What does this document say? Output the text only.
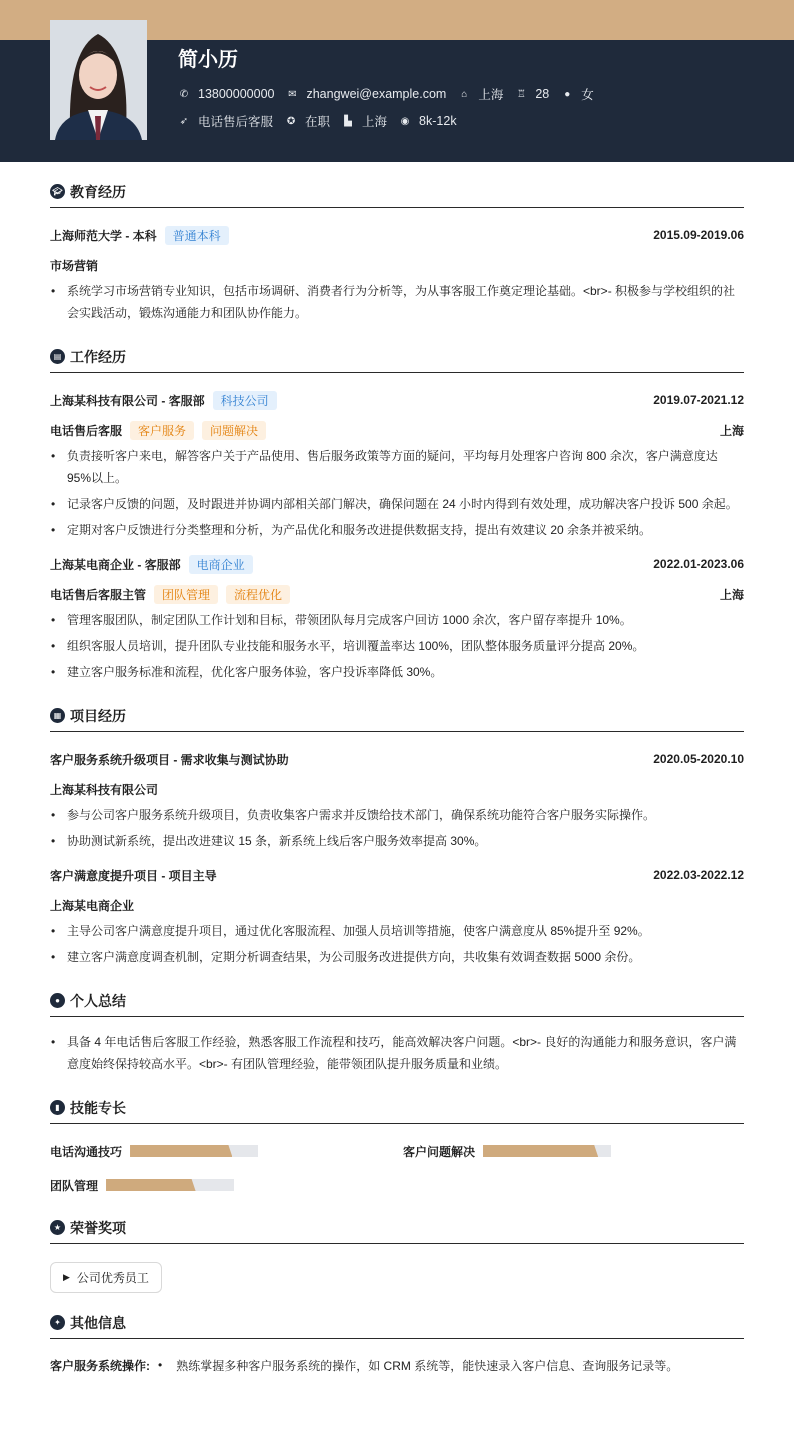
简小历
✆ 13800000000 ✉ zhangwei@example.com ⌂ 上海 ♖ 28 ● 女
➶ 电话售后客服 ✪ 在职 ▙ 上海 ◉ 8k-12k
🎓︎ 教育经历
上海师范大学 - 本科	普通本科	2015.09-2019.06
市场营销
• 系统学习市场营销专业知识，包括市场调研、消费者行为分析等，为从事客服工作奠定理论基础。<br>- 积极参与学校组织的社会实践活动，锻炼沟通能力和团队协作能力。
▤ 工作经历
上海某科技有限公司 - 客服部	科技公司	2019.07-2021.12
电话售后客服	客户服务	问题解决	上海
• 负责接听客户来电，解答客户关于产品使用、售后服务政策等方面的疑问，平均每月处理客户咨询 800 余次，客户满意度达 95%以上。
• 记录客户反馈的问题，及时跟进并协调内部相关部门解决，确保问题在 24 小时内得到有效处理，成功解决客户投诉 500 余起。
• 定期对客户反馈进行分类整理和分析，为产品优化和服务改进提供数据支持，提出有效建议 20 余条并被采纳。
上海某电商企业 - 客服部	电商企业	2022.01-2023.06
电话售后客服主管	团队管理	流程优化	上海
• 管理客服团队，制定团队工作计划和目标，带领团队每月完成客户回访 1000 余次，客户留存率提升 10%。
• 组织客服人员培训，提升团队专业技能和服务水平，培训覆盖率达 100%，团队整体服务质量评分提高 20%。
• 建立客户服务标准和流程，优化客户服务体验，客户投诉率降低 30%。
▦ 项目经历
客户服务系统升级项目 - 需求收集与测试协助	2020.05-2020.10
上海某科技有限公司
• 参与公司客户服务系统升级项目，负责收集客户需求并反馈给技术部门，确保系统功能符合客户服务实际操作。
• 协助测试新系统，提出改进建议 15 条，新系统上线后客户服务效率提高 30%。
客户满意度提升项目 - 项目主导	2022.03-2022.12
上海某电商企业
• 主导公司客户满意度提升项目，通过优化客服流程、加强人员培训等措施，使客户满意度从 85%提升至 92%。
• 建立客户满意度调查机制，定期分析调查结果，为公司服务改进提供方向，共收集有效调查数据 5000 余份。
● 个人总结
• 具备 4 年电话售后客服工作经验，熟悉客服工作流程和技巧，能高效解决客户问题。<br>- 良好的沟通能力和服务意识，客户满意度始终保持较高水平。<br>- 有团队管理经验，能带领团队提升服务质量和业绩。
▮ 技能专长
电话沟通技巧	客户问题解决
团队管理
★ 荣誉奖项
▶ 公司优秀员工
✦ 其他信息
客户服务系统操作: • 熟练掌握多种客户服务系统的操作，如 CRM 系统等，能快速录入客户信息、查询服务记录等。
